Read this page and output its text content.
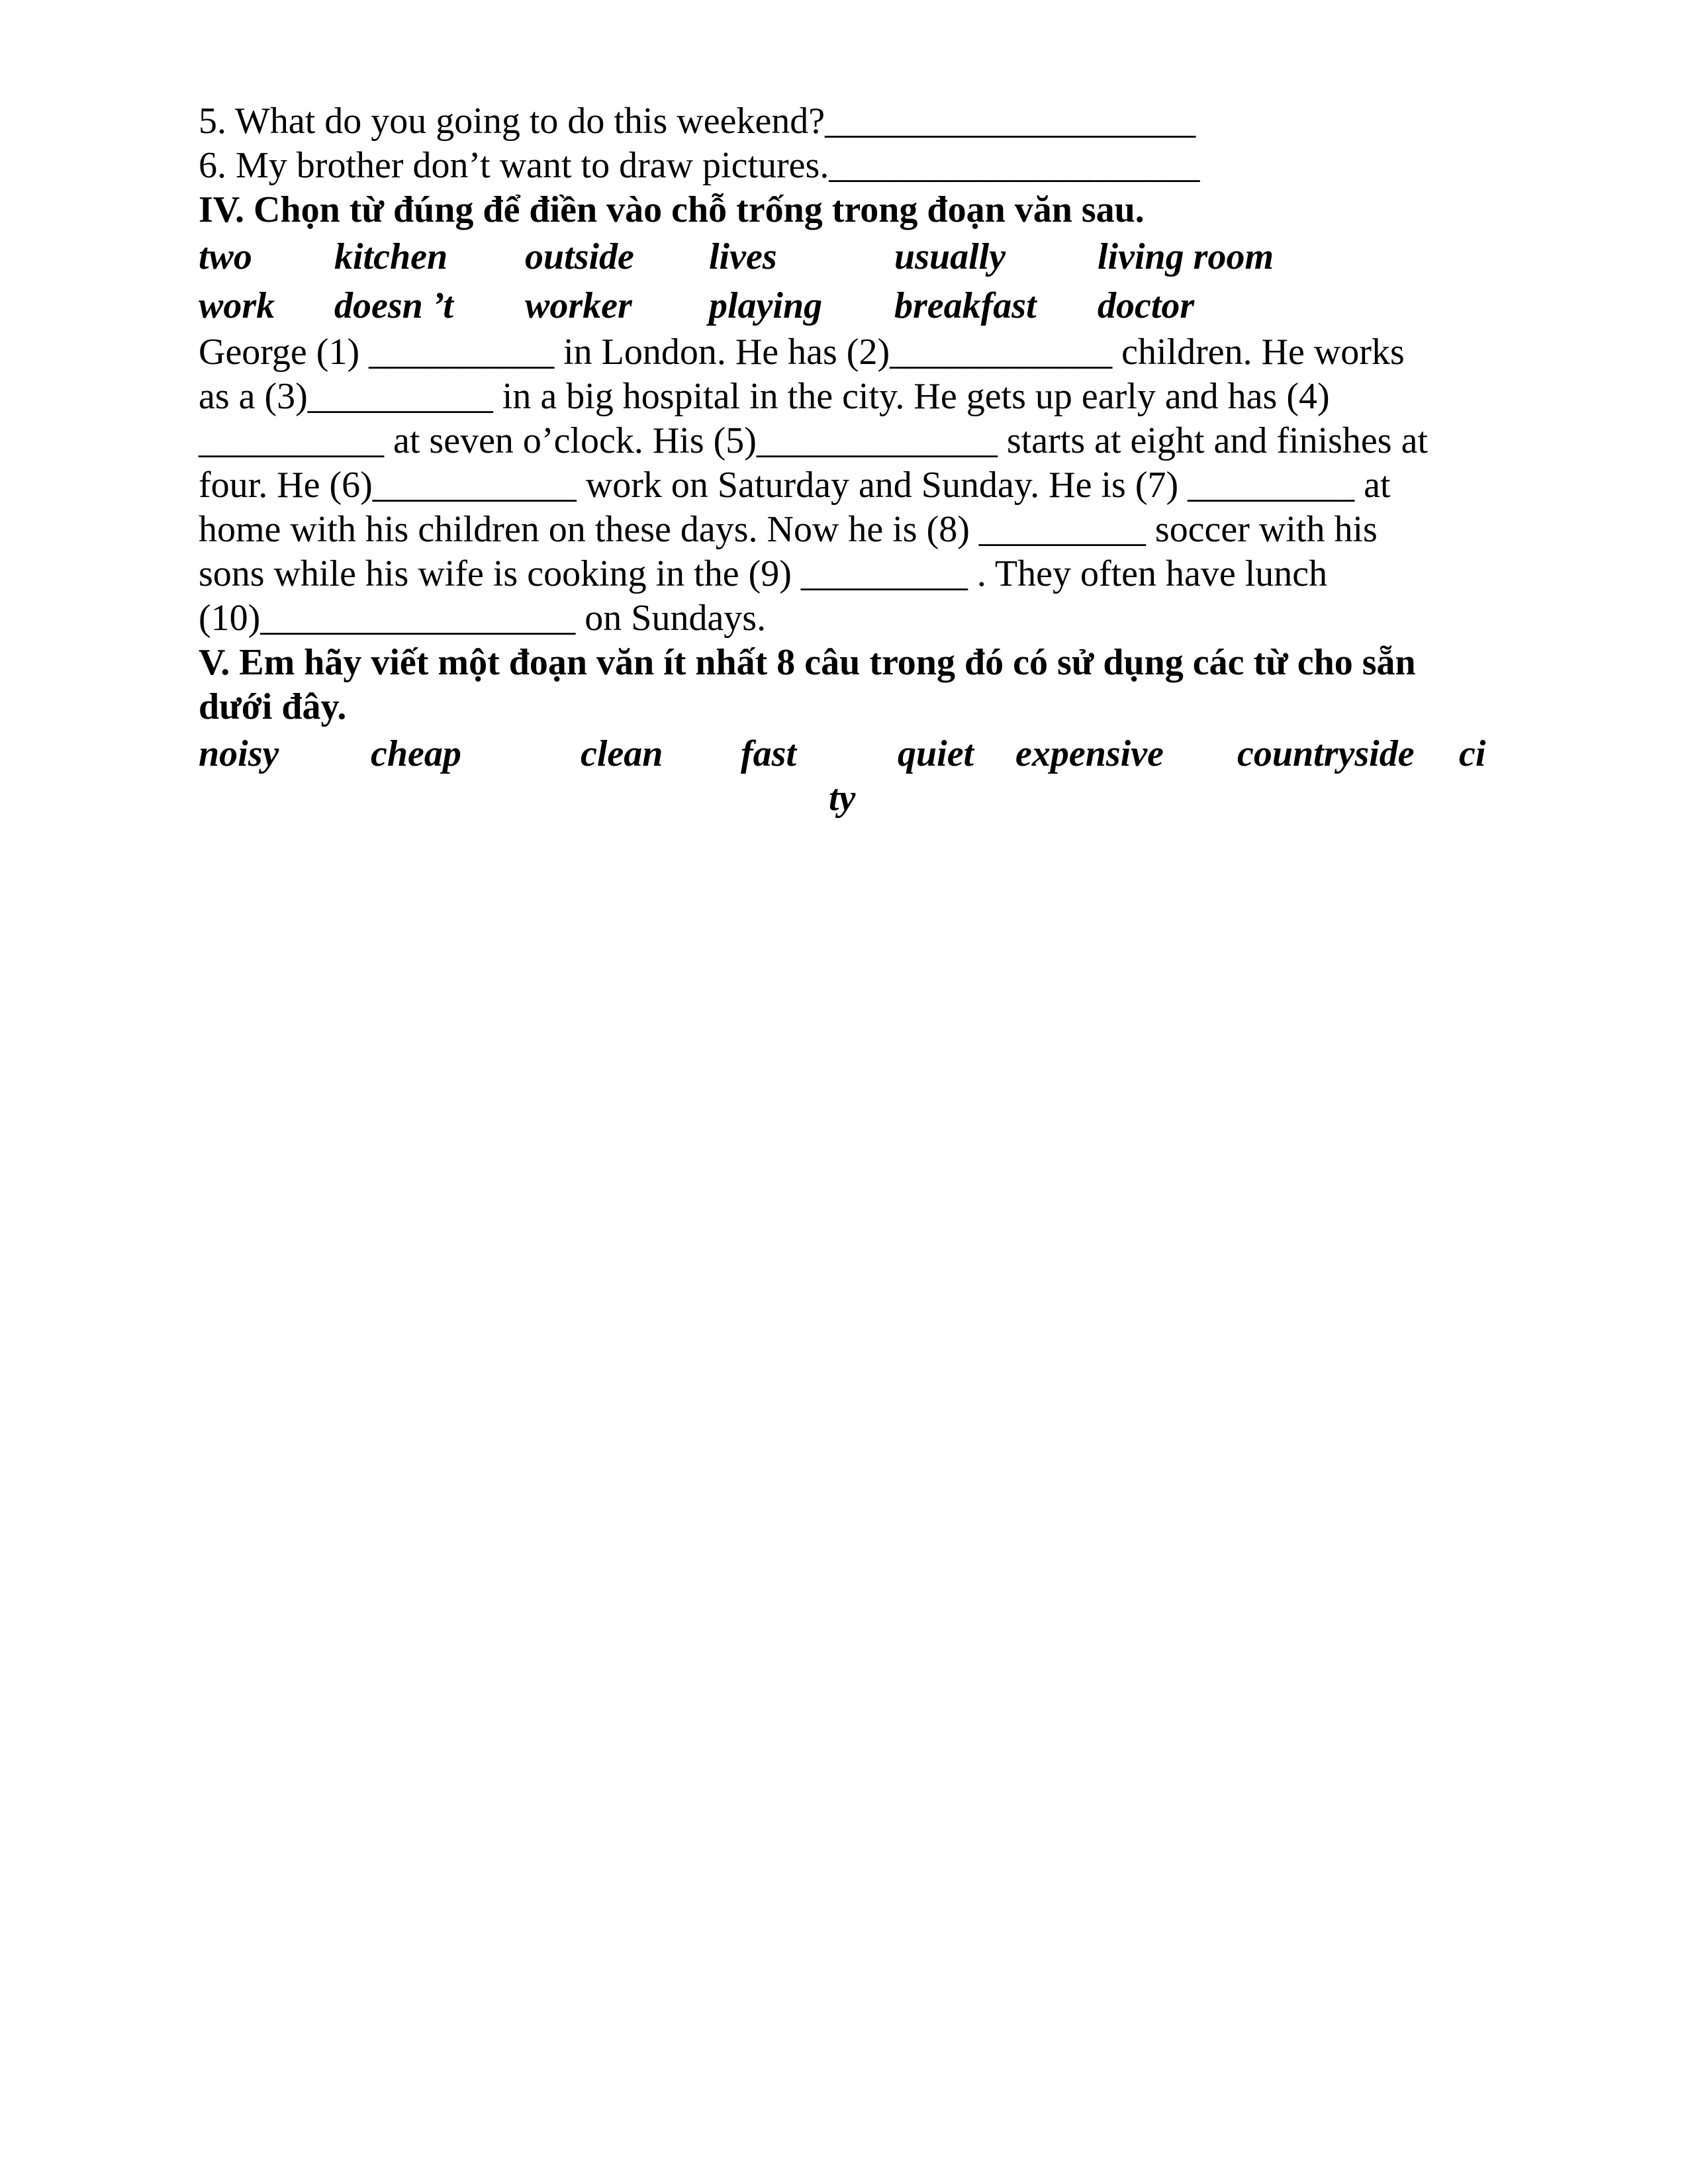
5. What do you going to do this weekend?____________________
6. My brother don’t want to draw pictures.____________________
IV. Chọn từ đúng để điền vào chỗ trống trong đoạn văn sau.
two	kitchen	outside	lives	usually	living room
work	doesn ’t	worker	playing	breakfast	doctor
George (1) __________ in London. He has (2)____________ children. He works
as a (3)__________ in a big hospital in the city. He gets up early and has (4)
__________ at seven o’clock. His (5)_____________ starts at eight and finishes at
four. He (6)___________ work on Saturday and Sunday. He is (7) _________ at
home with his children on these days. Now he is (8) _________ soccer with his
sons while his wife is cooking in the (9) _________ . They often have lunch
(10)_________________ on Sundays.
V. Em hãy viết một đoạn văn ít nhất 8 câu trong đó có sử dụng các từ cho sẵn
dưới đây.
noisy	cheap	clean	fast	quiet	expensive	countryside	ci
ty
